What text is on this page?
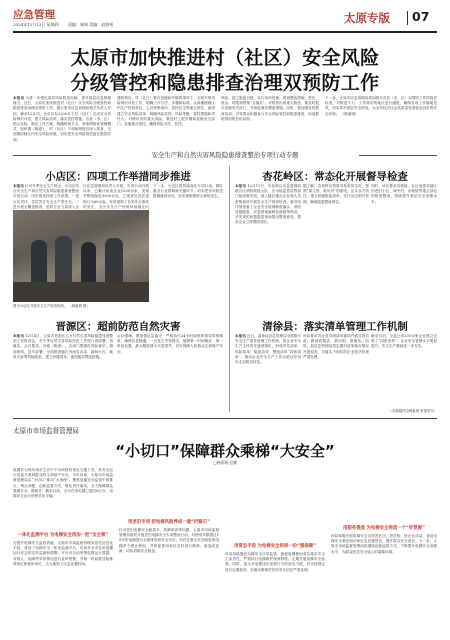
应急管理
2024年12月12日 星期四 责编：秦妍 美编：赵润苑	太原专版 07
太原市加快推进村（社区）安全风险
分级管控和隐患排查治理双预防工作
本报讯 为进一步强化基层风险防范化解，提升基层应急管理能力，近日，太原市加快推进村（社区）安全风险分级管控和隐患排查治理双预防工作。据太原市应急管理局相关负责人介绍，截至12月初，全市共有2200多个村（社区）完成安全风险辨识评估，建立风险清单，落实管控措施。各县（市、区）结合实际，制定工作方案，明确时间节点，采取网格化管理模式，组织镇（街道）、村（社区）干部和网格员深入排查，全面摸清辖区内安全风险底数，切实把安全风险管控挺在隐患前面。
通知指出，村（社区）要在县级和乡镇的指导下，全面开展风险辨识评估工作，明确工作方法、步骤和标准，认真梳理辖区内生产经营单位、人员密集场所、居民住宅等重点部位，逐项建立安全风险清单，明确风险类别、风险等级、管控措施和责任人。对辨识出的重大风险，要及时上报乡镇和县级有关部门，实施重点管控，确保风险可控、在控。
风险，建立隐患台账，实行闭环管理，做到整改措施、责任、资金、时限和预案“五落实”。对排查出的重大隐患，要及时报告县级有关部门，并督促落实整改措施。同时，要加强宣传教育培训，引导群众积极参与安全风险管控和隐患排查，形成群防群治的良好局面。
下一步，太原市应急管理局将加强对各县（市、区）双预防工作的督导检查，对推进不力、工作滞后的地区进行通报，确保各项工作落地见效，切实筑牢基层安全防线，为全市经济社会高质量发展营造良好的安全环境。 （韩嘉城）
安全生产和自然灾害风险隐患排查整治专项行动专题
小店区：四项工作举措同步推进
本报讯 针对冬季安全生产特点，小店区结合安全生产和自然灾害风险隐患排查整治专项行动，同步推进四项工作举措。一是压实责任，层层签订安全生产责任书；二是开展全覆盖排查，组织专业力量深入企
区应急管理局负责人介绍，专项行动开展以来，已累计检查企业1200余家，发现并整改隐患3500余处，立案查处违法违规行为60余起，有效遏制了各类安全事故的发生，全区安全生产形势持续稳定向
下一步，小店区将持续深化专项行动，紧盯重点行业领域和关键环节，切实把各项防范措施落到实处，坚决遏制重特大事故发生。
图为小店区开展安全生产检查现场。 （韩嘉城 摄）
杏花岭区：常态化开展督导检查
本报讯 12月11日，杏花岭区应急管理局联合区消防救援大队、区市场监管局等部门组成督导组，深入辖区重点企业和人员密集场所开展安全生产督导检查。督导组详细查看了企业安全管理制度落实、消防设施配备、应急预案编制及演练等情况，对发现的问题隐患现场提出整改意见，要求企业立即整改到位。
据了解，杏花岭区将督导检查常态化，按照“谁主管、谁负责”的原则，压实各方责任，建立问题隐患清单，实行动态销号管理，确保隐患整改到位。
同时，该区要求各街道、社区加强对辖区内老旧小区、城中村、出租屋等重点部位的排查整治，持续提升基层安全治理水平。
晋源区：超前防范自然灾害
本报讯 12月4日，太原市晋源区召开自然灾害风险隐患排查整治工作推进会，对冬季自然灾害风险防范工作进行再部署、再落实。会议要求，各镇（街道）、各部门要强化风险意识，超前研判，及早部署，全面排查辖区内雨雪冰冻、森林火灾、地质灾害等风险隐患，建立问题清单，逐项落实整改措施。
会议强调，要加强应急值守，严格执行24小时值班和领导带班制度，确保信息畅通，一旦发生突发情况，能够第一时间响应、第一时间处置，最大限度减少灾害损失，切实保障人民群众生命财产安全。
清徐县：落实清单管理工作机制
本报讯 近日，清徐县应急管理局全面推行安全生产清单管理工作机制，将企业安全生产主体责任逐项细化，形成责任清单、风险清单、隐患清单、整改清单“四张清单”，推动企业安全生产工作由被动应付向主动防范转变。
该局要求各企业对照清单逐项开展自查自改，做到底数清、情况明、措施实。同时，县应急管理局将定期对清单落实情况开展检查，对落实不到位的企业依法依规严肃处理。
截至目前，全县已有230余家企业建立完善了“四张清单”，企业安全管理水平明显提升，安全生产基础进一步夯实。
（本版稿件由韩嘉城 张建采写）
太原市市场监督管理局
“小切口”保障群众乘梯“大安全”
□韩嘉城 赵鹏
电梯作为现代城市生活中不可或缺的垂直交通工具，其安全运行直接关系到群众的生命财产安全。今年以来，太原市市场监督管理局以“小切口”推动“大治理”，聚焦电梯安全监管中的难点、堵点问题，创新监管方式，强化责任落实，全力保障群众乘梯安全。据统计，截至目前，全市在用电梯已超过8万台，电梯安全运行形势总体平稳。
一体化监测平台 为电梯安全再加一把“安全锁”
为提升电梯安全监管效能，太原市市场监督管理局依托信息化手段，建设了电梯安全一体化监测平台，实现对全市在用电梯运行状态的实时监测和预警。平台可自动采集电梯运行数据，对困人、故障等异常情况进行及时报警，并第一时间推送给维保单位和使用单位，大大缩短了应急处置时间。
用老旧专项 把电梯风险养成一道“拦路石”
针对老旧电梯安全隐患多、故障率高等问题，太原市市场监督管理局组织开展老旧电梯安全专项整治行动，对使用年限超过15年的电梯进行全面排查和安全评估，对存在重大安全隐患的电梯责令停止使用，并督促使用单位及时进行维修、改造或更新，切实消除安全隐患。
用常态手段 为电梯安全再添一份“强保障”
该局持续强化电梯安全日常监管，督促电梯使用单位落实安全主体责任，严格执行电梯维护保养制度，定期开展电梯安全检查。同时，加大对电梯违法违规行为的查处力度，对未按规定进行定期检验、未落实维保责任的单位依法严肃处理。
用服务提质 为电梯安全再创一个“好氛围”
该局积极开展电梯安全宣传进社区、进学校、进企业活动，普及电梯安全乘坐知识和应急处置常识，提升群众安全意识。下一步，太原市市场监督管理局将继续创新监管方式，不断提升电梯安全治理水平，为群众营造安全放心的乘梯环境。
